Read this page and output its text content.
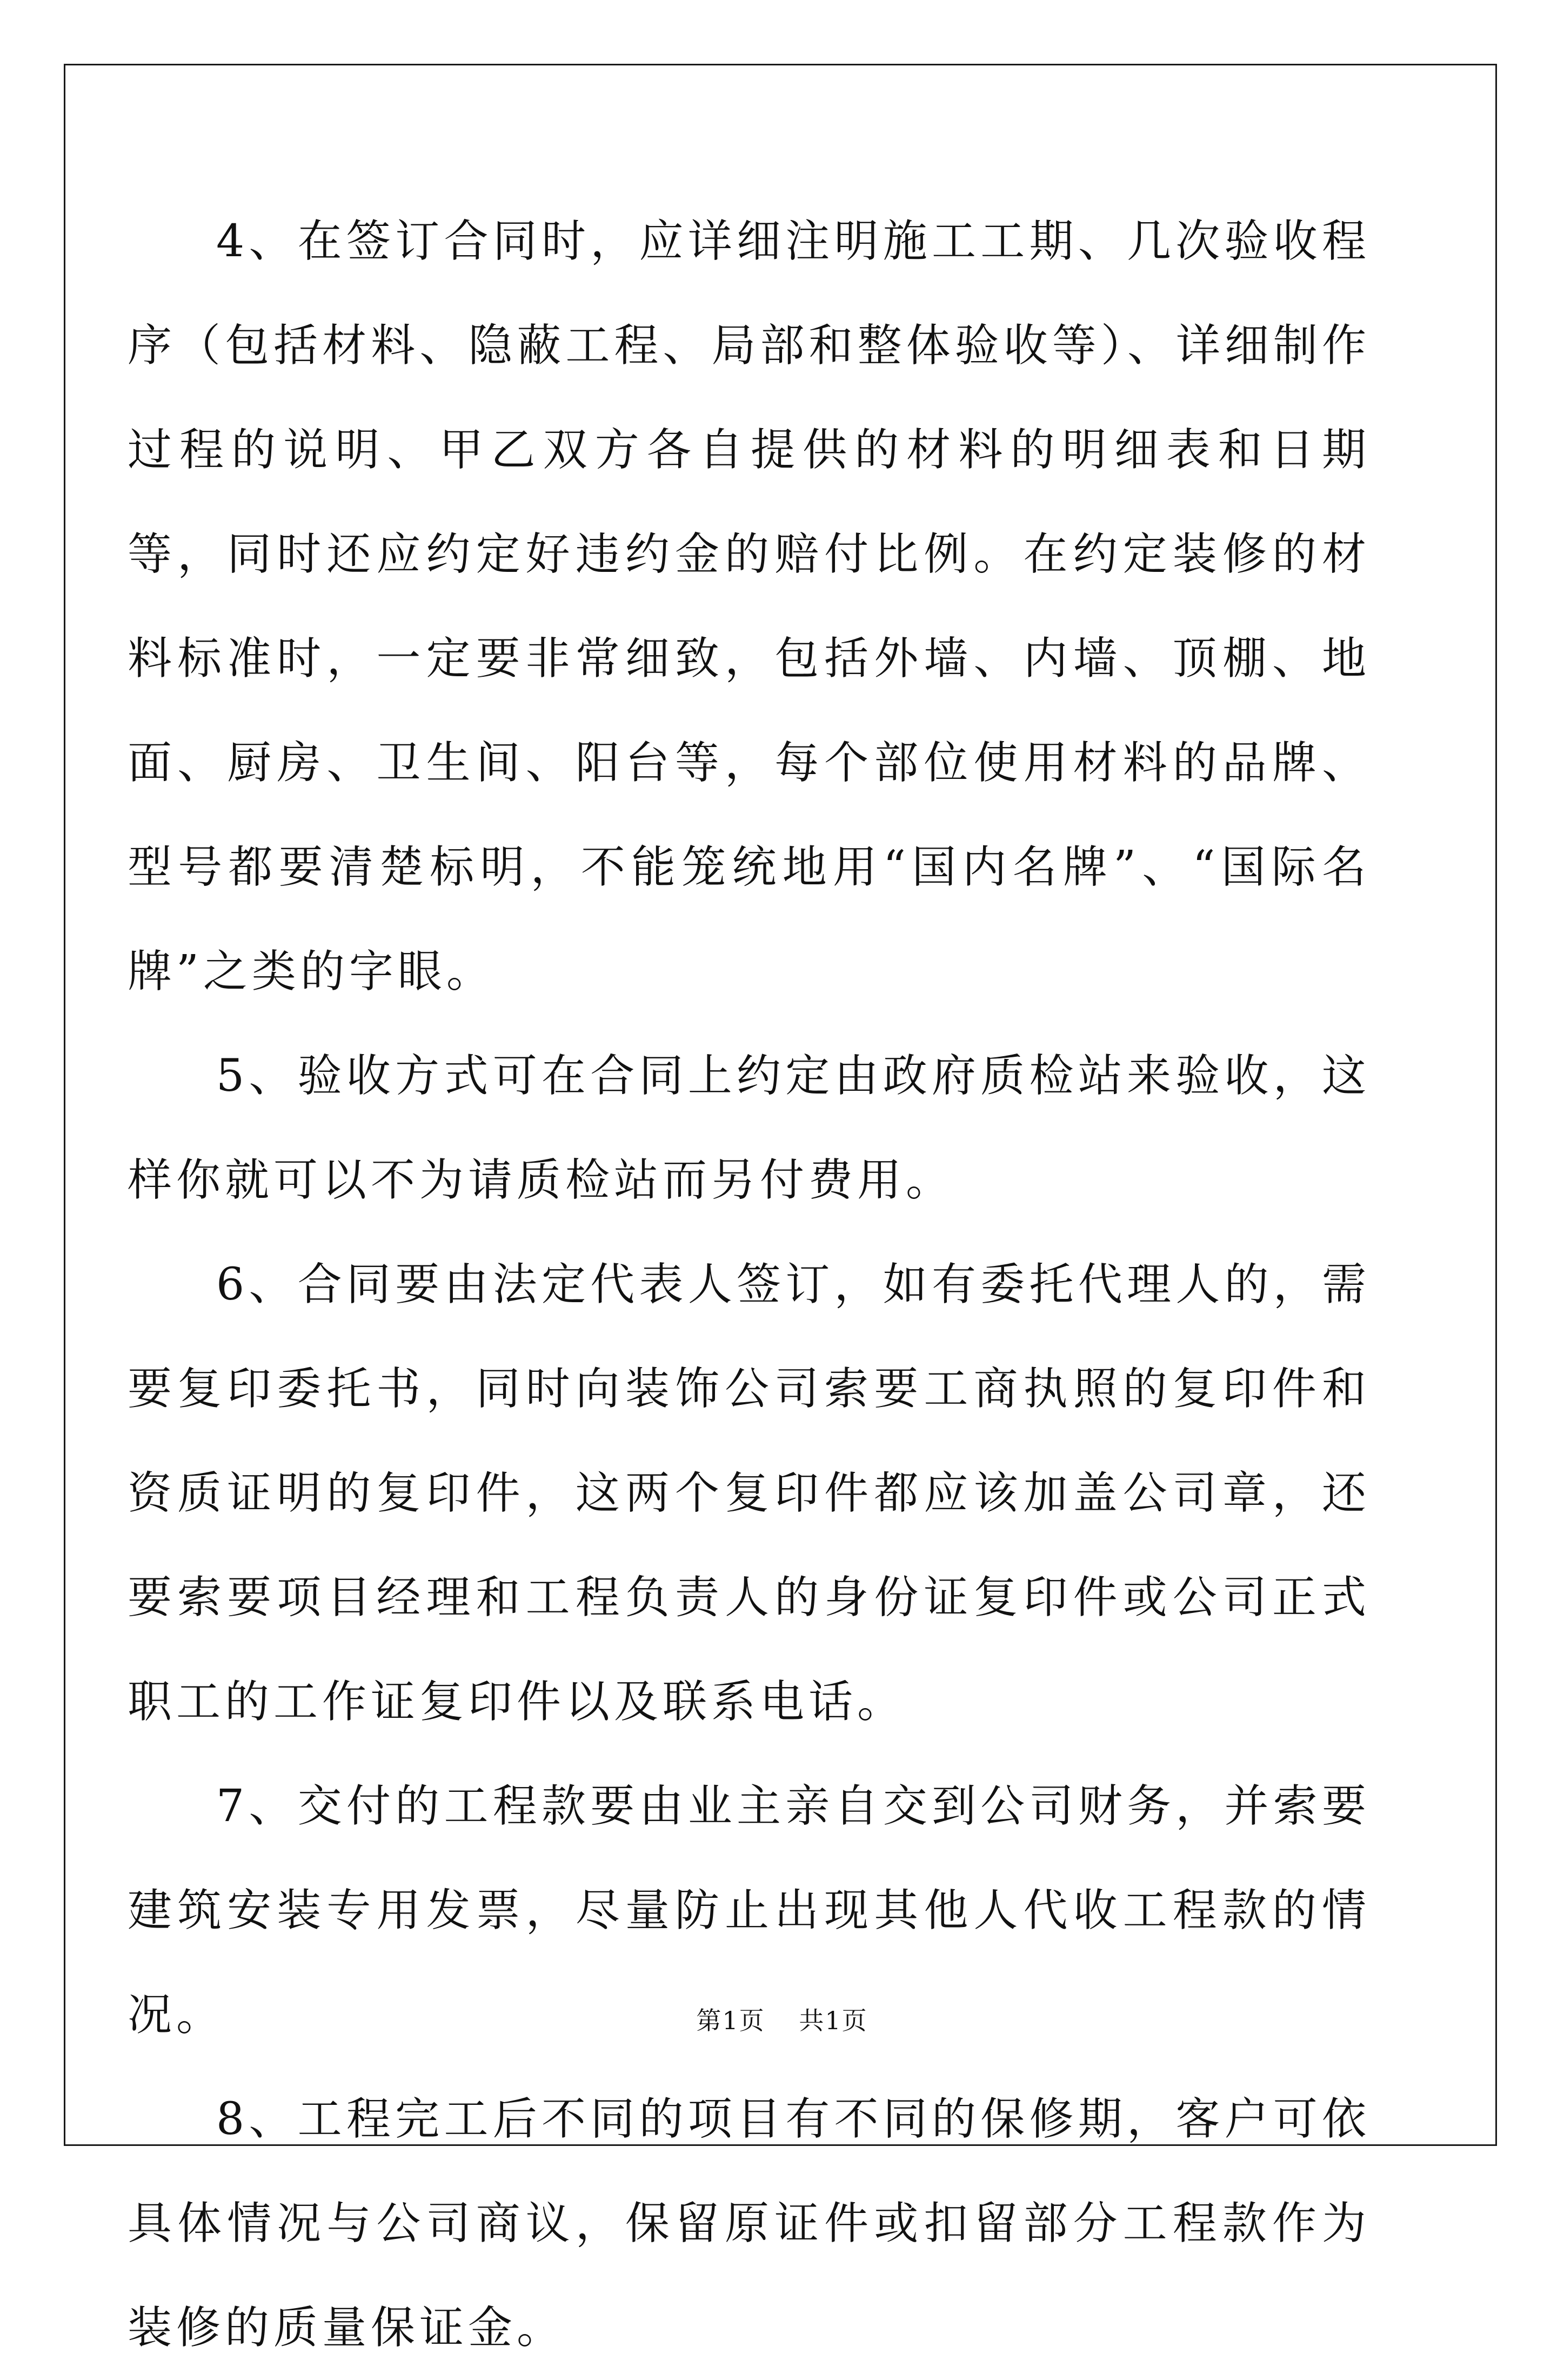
4、在签订合同时，应详细注明施工工期、几次验收程序（包括材料、隐蔽工程、局部和整体验收等）、详细制作过程的说明、甲乙双方各自提供的材料的明细表和日期等，同时还应约定好违约金的赔付比例。在约定装修的材料标准时，一定要非常细致，包括外墙、内墙、顶棚、地面、厨房、卫生间、阳台等，每个部位使用材料的品牌、型号都要清楚标明，不能笼统地用“国内名牌”、“国际名牌”之类的字眼。

5、验收方式可在合同上约定由政府质检站来验收，这样你就可以不为请质检站而另付费用。

6、合同要由法定代表人签订，如有委托代理人的，需要复印委托书，同时向装饰公司索要工商执照的复印件和资质证明的复印件，这两个复印件都应该加盖公司章，还要索要项目经理和工程负责人的身份证复印件或公司正式职工的工作证复印件以及联系电话。

7、交付的工程款要由业主亲自交到公司财务，并索要建筑安装专用发票，尽量防止出现其他人代收工程款的情况。

8、工程完工后不同的项目有不同的保修期，客户可依具体情况与公司商议，保留原证件或扣留部分工程款作为装修的质量保证金。

第1页 共1页
